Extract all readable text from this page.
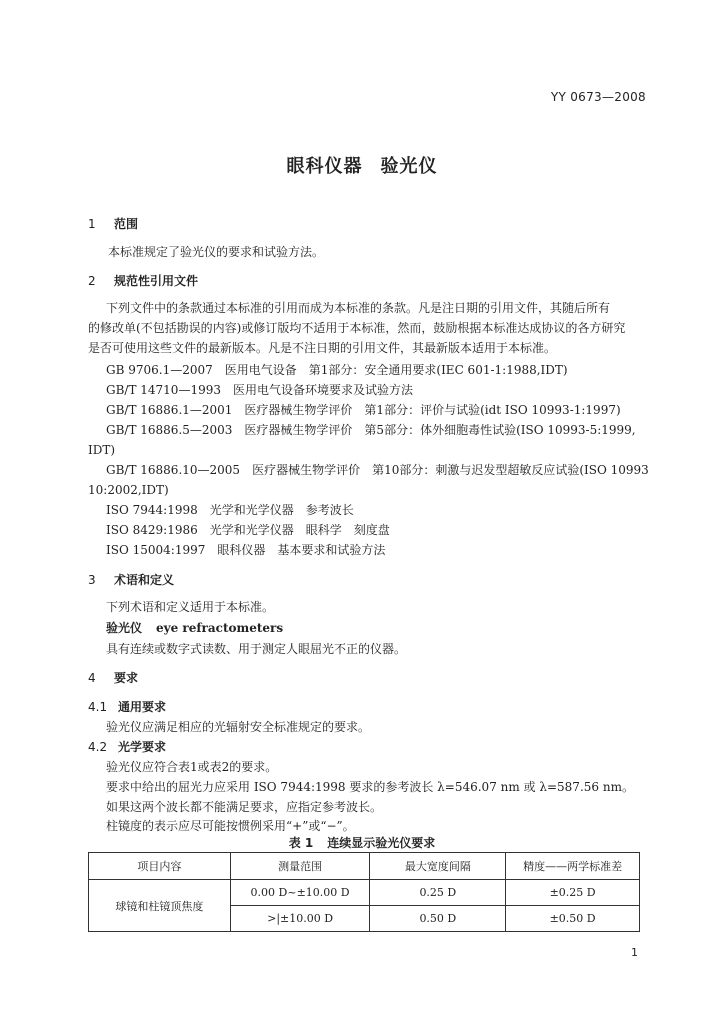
YY 0673—2008
眼科仪器 验光仪
1 范围
本标准规定了验光仪的要求和试验方法。
2 规范性引用文件
下列文件中的条款通过本标准的引用而成为本标准的条款。凡是注日期的引用文件，其随后所有
的修改单(不包括勘误的内容)或修订版均不适用于本标准，然而，鼓励根据本标准达成协议的各方研究
是否可使用这些文件的最新版本。凡是不注日期的引用文件，其最新版本适用于本标准。
GB 9706.1—2007　医用电气设备　第1部分：安全通用要求(IEC 601-1:1988,IDT)
GB/T 14710—1993　医用电气设备环境要求及试验方法
GB/T 16886.1—2001　医疗器械生物学评价　第1部分：评价与试验(idt ISO 10993-1:1997)
GB/T 16886.5—2003　医疗器械生物学评价　第5部分：体外细胞毒性试验(ISO 10993-5:1999,
IDT)
GB/T 16886.10—2005　医疗器械生物学评价　第10部分：刺激与迟发型超敏反应试验(ISO 10993
10:2002,IDT)
ISO 7944:1998　光学和光学仪器　参考波长
ISO 8429:1986　光学和光学仪器　眼科学　刻度盘
ISO 15004:1997　眼科仪器　基本要求和试验方法
3 术语和定义
下列术语和定义适用于本标准。
验光仪 eye refractometers
具有连续或数字式读数、用于测定人眼屈光不正的仪器。
4 要求
4.1 通用要求
验光仪应满足相应的光辐射安全标准规定的要求。
4.2 光学要求
验光仪应符合表1或表2的要求。
要求中给出的屈光力应采用 ISO 7944:1998 要求的参考波长 λ=546.07 nm 或 λ=587.56 nm。
如果这两个波长都不能满足要求，应指定参考波长。
柱镜度的表示应尽可能按惯例采用“+”或“−”。
表 1 连续显示验光仪要求
项目内容	测量范围	最大宽度间隔	精度——两学标准差
球镜和柱镜顶焦度	0.00 D~±10.00 D	0.25 D	±0.25 D
	>|±10.00 D	0.50 D	±0.50 D
1
